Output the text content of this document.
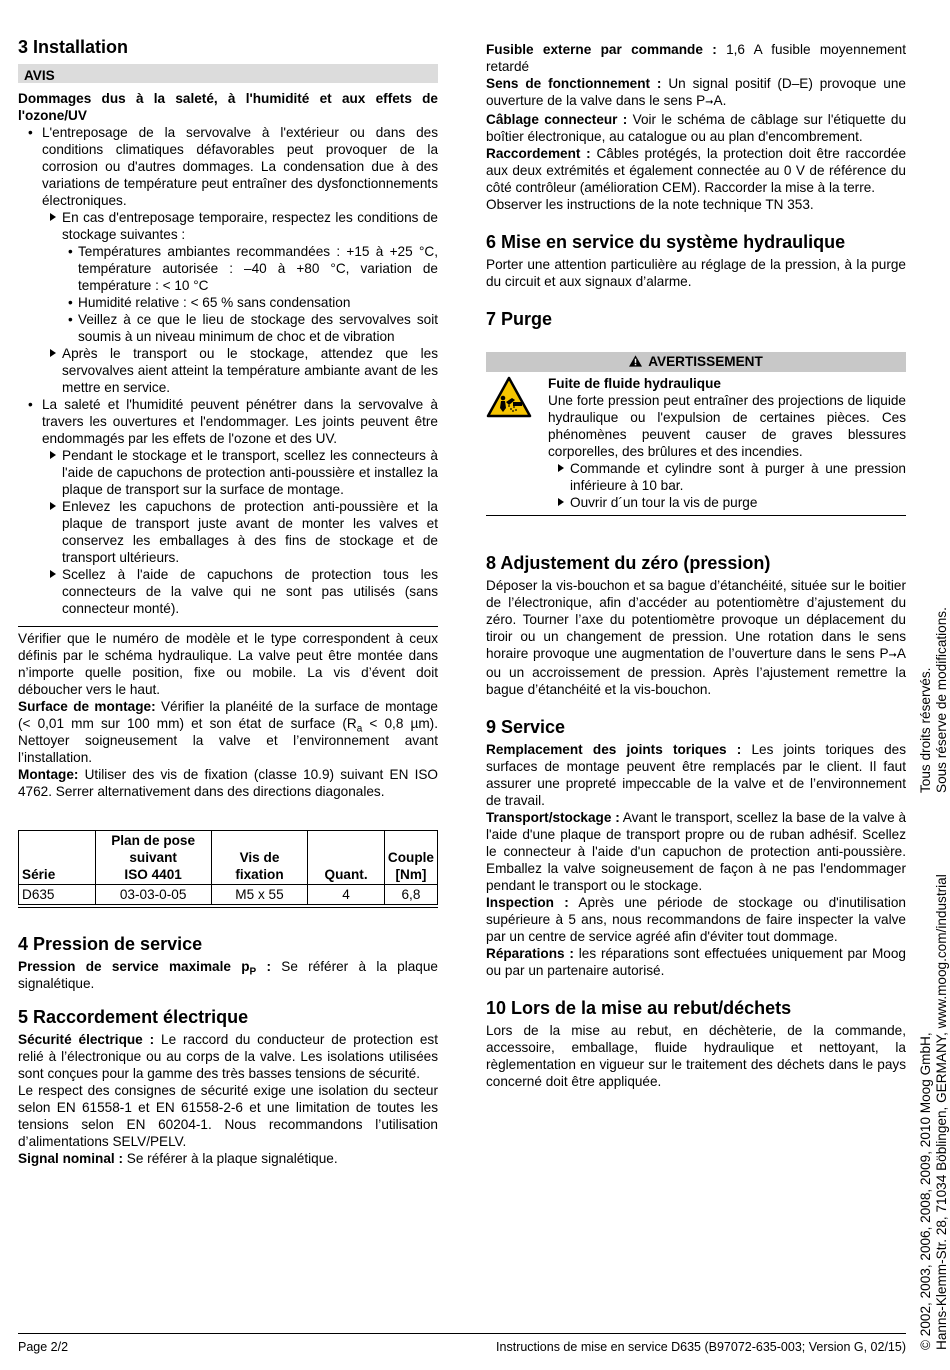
3 Installation
AVIS

Dommages dus à la saleté, à l'humidité et aux effets de l'ozone/UV

• L'entreposage de la servovalve à l'extérieur ou dans des conditions climatiques défavorables peut provoquer de la corrosion ou d'autres dommages. La condensation due à des variations de température peut entraîner des dysfonctionnements électroniques.
En cas d'entreposage temporaire, respectez les conditions de stockage suivantes :
• Températures ambiantes recommandées : +15 à +25 °C, température autorisée : –40 à +80 °C, variation de température : < 10 °C
• Humidité relative : < 65 % sans condensation
• Veillez à ce que le lieu de stockage des servovalves soit soumis à un niveau minimum de choc et de vibration
Après le transport ou le stockage, attendez que les servovalves aient atteint la température ambiante avant de les mettre en service.
• La saleté et l'humidité peuvent pénétrer dans la servovalve à travers les ouvertures et l'endommager. Les joints peuvent être endommagés par les effets de l'ozone et des UV.
Pendant le stockage et le transport, scellez les connecteurs à l'aide de capuchons de protection anti-poussière et installez la plaque de transport sur la surface de montage.
Enlevez les capuchons de protection anti-poussière et la plaque de transport juste avant de monter les valves et conservez les emballages à des fins de stockage et de transport ultérieurs.
Scellez à l'aide de capuchons de protection tous les connecteurs de la valve qui ne sont pas utilisés (sans connecteur monté).

Vérifier que le numéro de modèle et le type correspondent à ceux définis par le schéma hydraulique. La valve peut être montée dans n’importe quelle position, fixe ou mobile. La vis d’évent doit déboucher vers le haut.

Surface de montage: Vérifier la planéité de la surface de montage (< 0,01 mm sur 100 mm) et son état de surface ($R_a < 0,8$ µm). Nettoyer soigneusement la valve et l’environnement avant l’installation.

Montage: Utiliser des vis de fixation (classe 10.9) suivant EN ISO 4762. Serrer alternativement dans des directions diagonales.

Série	Plan de pose
suivant
ISO 4401	Vis de
fixation	Quant.	Couple
[Nm]
D635	03-03-0-05	M5 x 55	4	6,8
4 Pression de service

Pression de service maximale $p_P$ : Se référer à la plaque signalétique.

5 Raccordement électrique

Sécurité électrique : Le raccord du conducteur de protection est relié à l’électronique ou au corps de la valve. Les isolations utilisées sont conçues pour la gamme des très basses tensions de sécurité.

Le respect des consignes de sécurité exige une isolation du secteur selon EN 61558-1 et EN 61558-2-6 et une limitation de toutes les tensions selon EN 60204-1. Nous recommandons l’utilisation d’alimentations SELV/PELV.

Signal nominal : Se référer à la plaque signalétique.

Fusible externe par commande : 1,6 A fusible moyennement retardé

Sens de fonctionnement : Un signal positif (D–E) provoque une ouverture de la valve dans le sens P➞A.

Câblage connecteur : Voir le schéma de câblage sur l'étiquette du boîtier électronique, au catalogue ou au plan d'encombrement.

Raccordement : Câbles protégés, la protection doit être raccordée aux deux extrémités et également connectée au 0 V de référence du côté contrôleur (amélioration CEM). Raccorder la mise à la terre.

Observer les instructions de la note technique TN 353.

6 Mise en service du système hydraulique

Porter une attention particulière au réglage de la pression, à la purge du circuit et aux signaux d’alarme.

7 Purge
AVERTISSEMENT

Fuite de fluide hydraulique

Une forte pression peut entraîner des projections de liquide hydraulique ou l'expulsion de certaines pièces. Ces phénomènes peuvent causer de graves blessures corporelles, des brûlures et des incendies.

Commande et cylindre sont à purger à une pression inférieure à 10 bar.
Ouvrir d´un tour la vis de purge
8 Adjustement du zéro (pression)

Déposer la vis-bouchon et sa bague d’étanchéité, située sur le boitier de l’électronique, afin d’accéder au potentiomètre d’ajustement du zéro. Tourner l’axe du potentiomètre provoque un déplacement du tiroir ou un changement de pression. Une rotation dans le sens horaire provoque une augmentation de l’ouverture dans le sens P➞A ou un accroissement de pression. Après l’ajustement remettre la bague d’étanchéité et la vis-bouchon.

9 Service

Remplacement des joints toriques : Les joints toriques des surfaces de montage peuvent être remplacés par le client. Il faut assurer une propreté impeccable de la valve et de l’environnement de travail.

Transport/stockage : Avant le transport, scellez la base de la valve à l'aide d'une plaque de transport propre ou de ruban adhésif. Scellez le connecteur à l'aide d'un capuchon de protection anti-poussière. Emballez la valve soigneusement de façon à ne pas l'endommager pendant le transport ou le stockage.

Inspection : Après une période de stockage ou d'inutilisation supérieure à 5 ans, nous recommandons de faire inspecter la valve par un centre de service agréé afin d'éviter tout dommage.

Réparations : les réparations sont effectuées uniquement par Moog ou par un partenaire autorisé.

10 Lors de la mise au rebut/déchets

Lors de la mise au rebut, en déchèterie, de la commande, accessoire, emballage, fluide hydraulique et nettoyant, la règlementation en vigueur sur le traitement des déchets dans le pays concerné doit être appliquée.

Tous droits réservés. Sous réserve de modifications.
© 2002, 2003, 2006, 2008, 2009, 2010 Moog GmbH, Hanns-Klemm-Str. 28, 71034 Böblingen, GERMANY, www.moog.com/industrial
Page 2/2	Instructions de mise en service D635 (B97072-635-003; Version G, 02/15)
